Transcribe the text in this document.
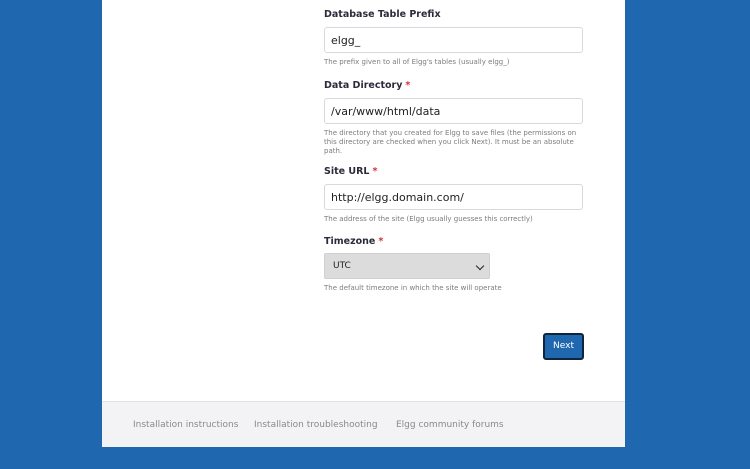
Database Table Prefix
elgg_
The prefix given to all of Elgg's tables (usually elgg_)
Data Directory *
/var/www/html/data
The directory that you created for Elgg to save files (the permissions on this directory are checked when you click Next). It must be an absolute path.
Site URL *
http://elgg.domain.com/
The address of the site (Elgg usually guesses this correctly)
Timezone *
UTC
The default timezone in which the site will operate
Next
Installation instructions Installation troubleshooting Elgg community forums
